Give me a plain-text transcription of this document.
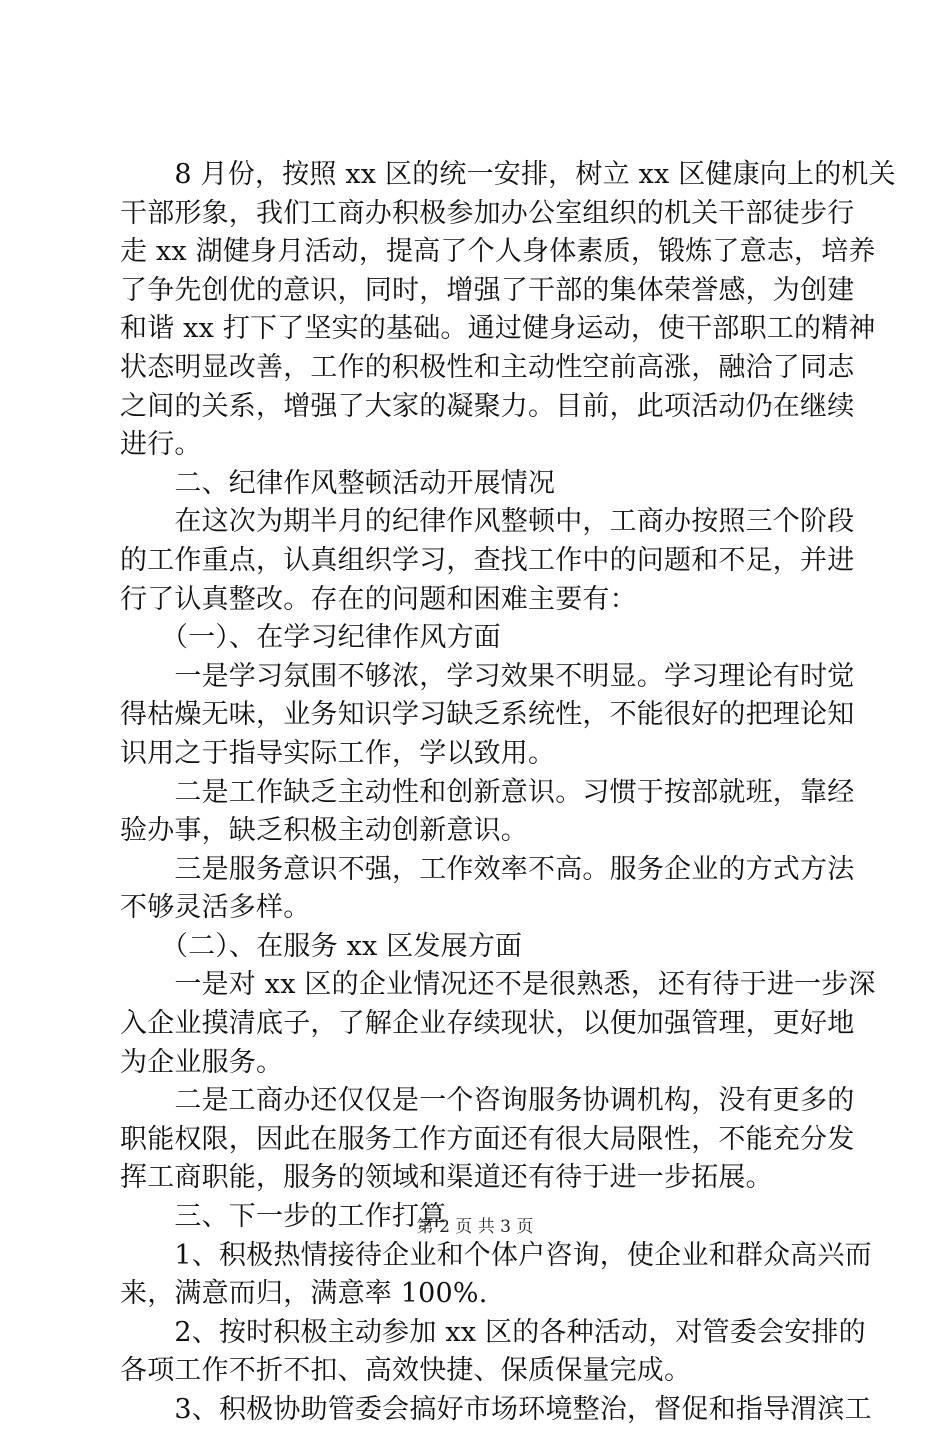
　　8 月份，按照 xx 区的统一安排，树立 xx 区健康向上的机关
干部形象，我们工商办积极参加办公室组织的机关干部徒步行
走 xx 湖健身月活动，提高了个人身体素质，锻炼了意志，培养
了争先创优的意识，同时，增强了干部的集体荣誉感，为创建
和谐 xx 打下了坚实的基础。通过健身运动，使干部职工的精神
状态明显改善，工作的积极性和主动性空前高涨，融洽了同志
之间的关系，增强了大家的凝聚力。目前，此项活动仍在继续
进行。

　　二、纪律作风整顿活动开展情况

　　在这次为期半月的纪律作风整顿中，工商办按照三个阶段
的工作重点，认真组织学习，查找工作中的问题和不足，并进
行了认真整改。存在的问题和困难主要有：

　　（一）、在学习纪律作风方面

　　一是学习氛围不够浓，学习效果不明显。学习理论有时觉
得枯燥无味，业务知识学习缺乏系统性，不能很好的把理论知
识用之于指导实际工作，学以致用。

　　二是工作缺乏主动性和创新意识。习惯于按部就班，靠经
验办事，缺乏积极主动创新意识。

　　三是服务意识不强，工作效率不高。服务企业的方式方法
不够灵活多样。

　　（二）、在服务 xx 区发展方面

　　一是对 xx 区的企业情况还不是很熟悉，还有待于进一步深
入企业摸清底子，了解企业存续现状，以便加强管理，更好地
为企业服务。

　　二是工商办还仅仅是一个咨询服务协调机构，没有更多的
职能权限，因此在服务工作方面还有很大局限性，不能充分发
挥工商职能，服务的领域和渠道还有待于进一步拓展。

　　三、下一步的工作打算

　　1、积极热情接待企业和个体户咨询，使企业和群众高兴而
来，满意而归，满意率 100%.

　　2、按时积极主动参加 xx 区的各种活动，对管委会安排的
各项工作不折不扣、高效快捷、保质保量完成。

　　3、积极协助管委会搞好市场环境整治，督促和指导渭滨工

第 2 页 共 3 页
